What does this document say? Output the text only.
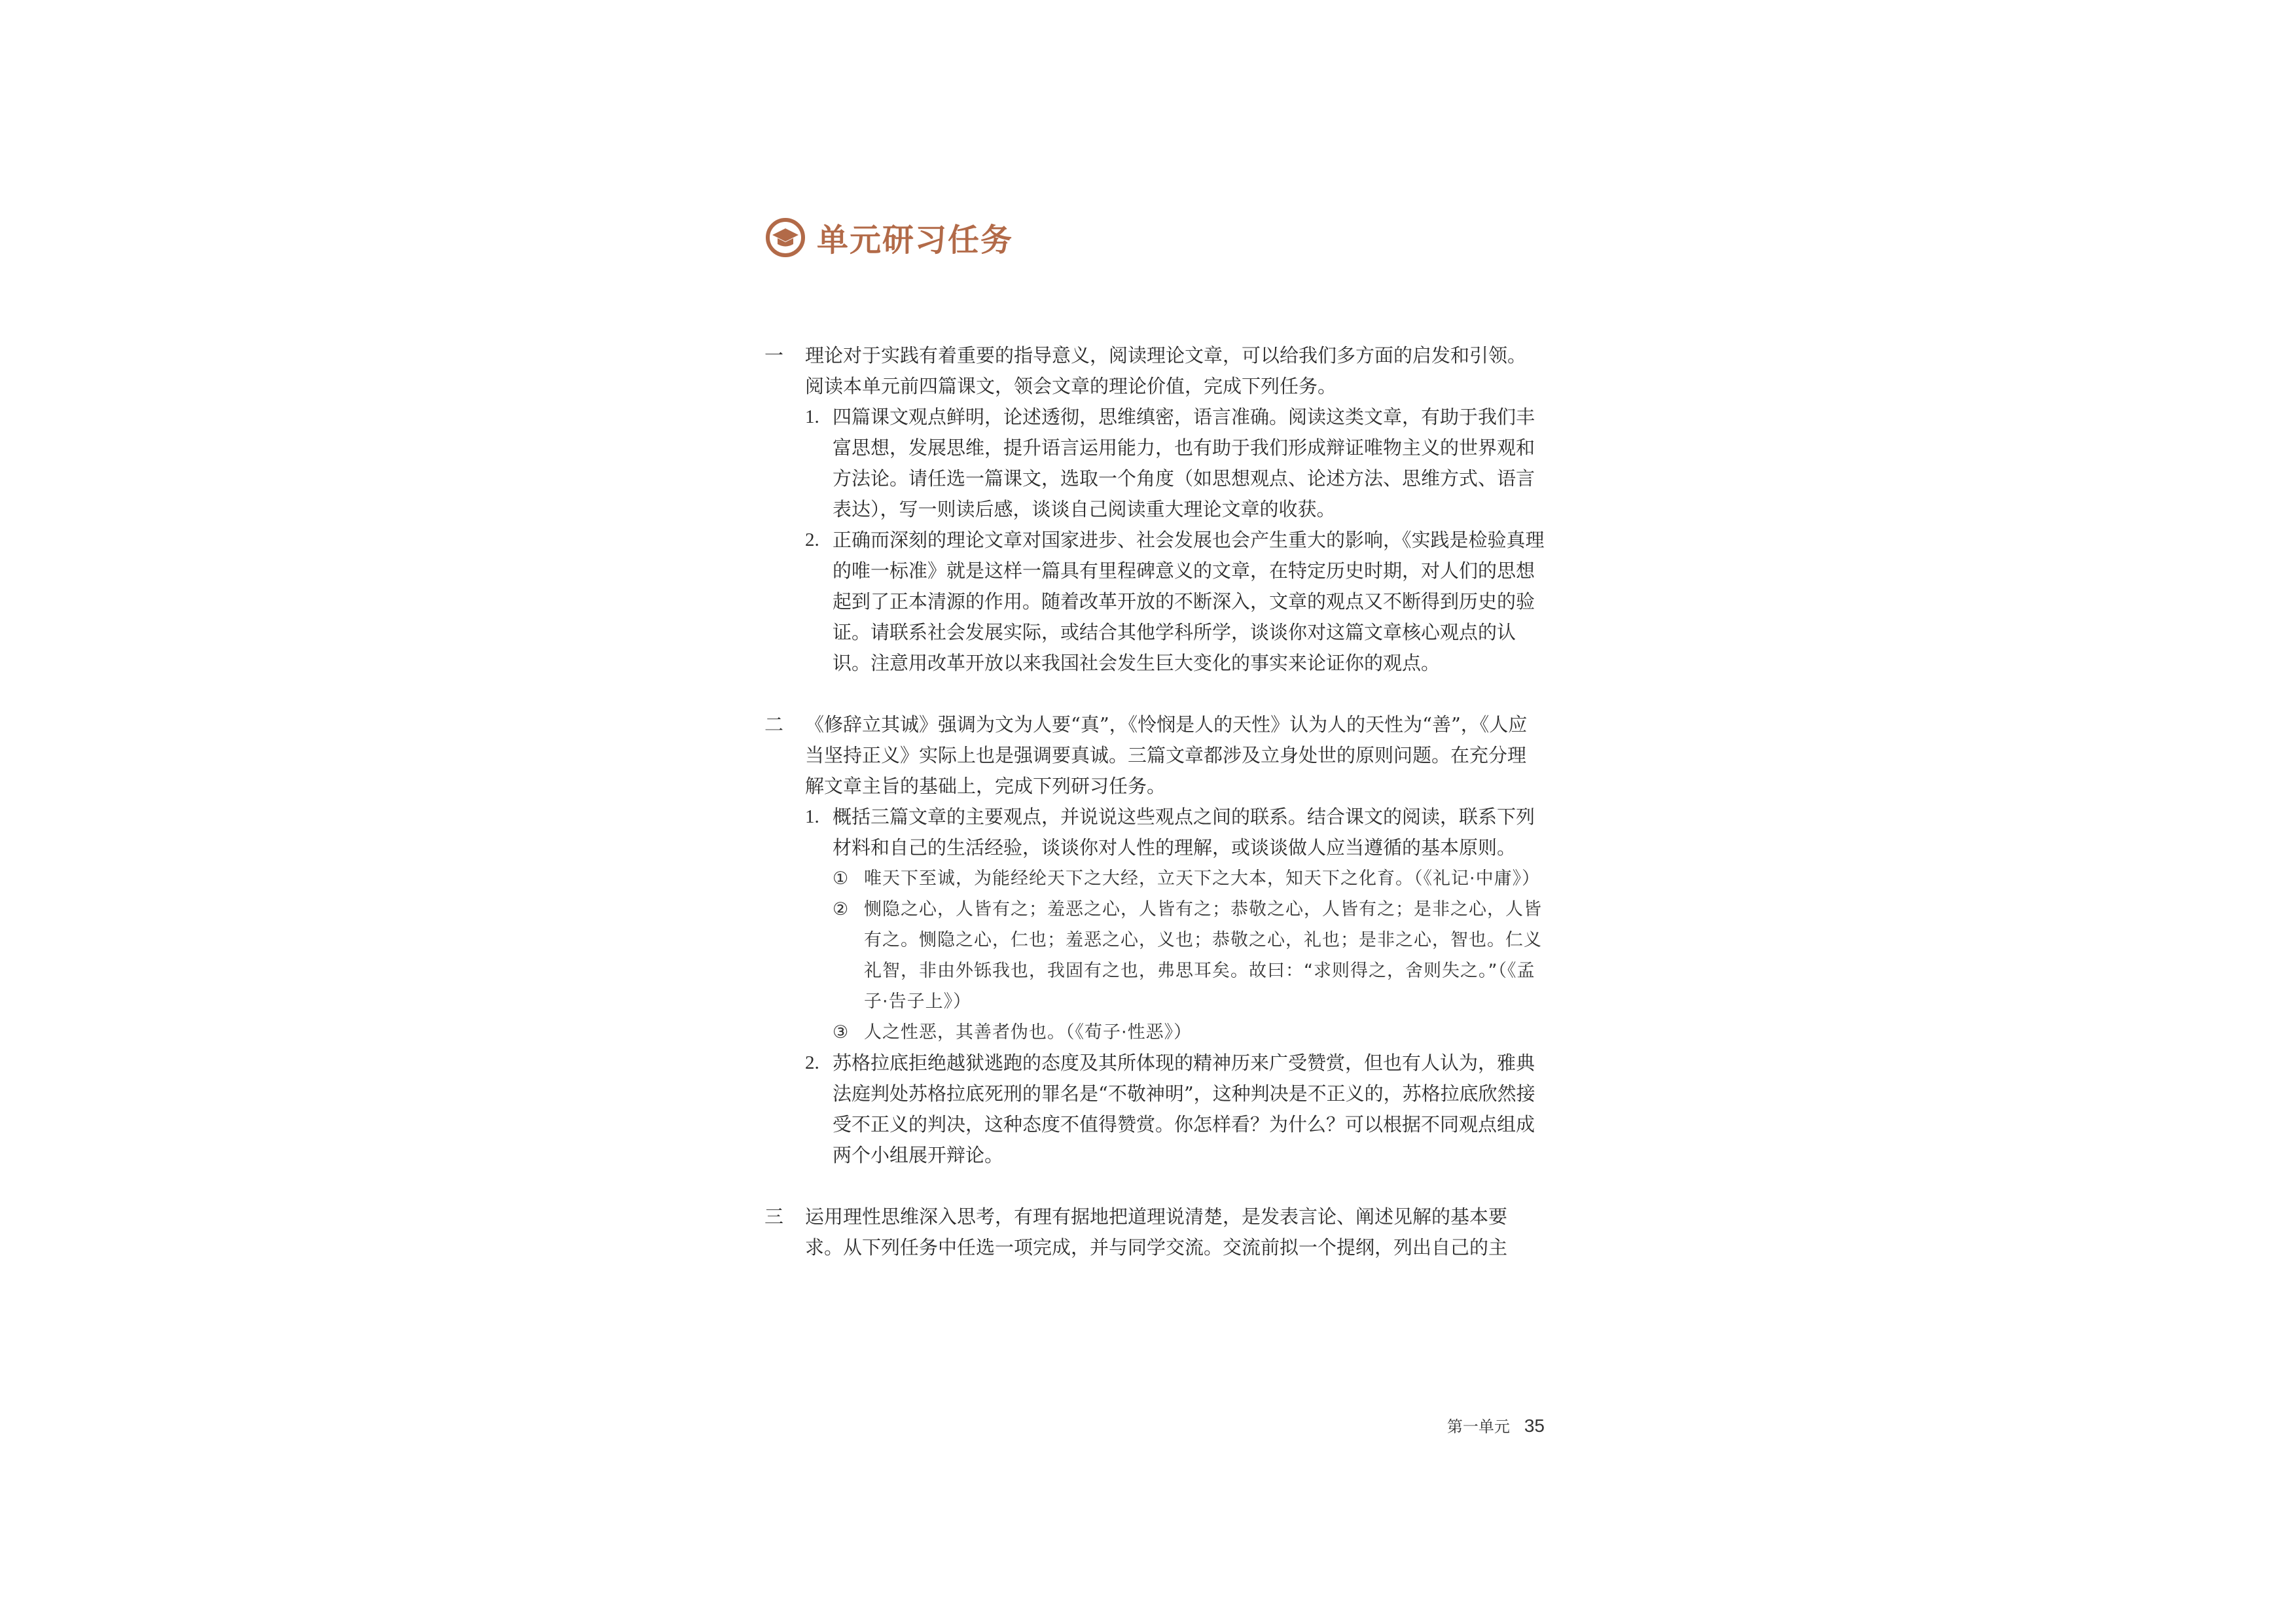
单元研习任务
一 理论对于实践有着重要的指导意义，阅读理论文章，可以给我们多方面的启发和引领。阅读本单元前四篇课文，领会文章的理论价值，完成下列任务。
1. 四篇课文观点鲜明，论述透彻，思维缜密，语言准确。阅读这类文章，有助于我们丰富思想，发展思维，提升语言运用能力，也有助于我们形成辩证唯物主义的世界观和方法论。请任选一篇课文，选取一个角度（如思想观点、论述方法、思维方式、语言表达），写一则读后感，谈谈自己阅读重大理论文章的收获。
2. 正确而深刻的理论文章对国家进步、社会发展也会产生重大的影响，《实践是检验真理的唯一标准》就是这样一篇具有里程碑意义的文章，在特定历史时期，对人们的思想起到了正本清源的作用。随着改革开放的不断深入，文章的观点又不断得到历史的验证。请联系社会发展实际，或结合其他学科所学，谈谈你对这篇文章核心观点的认识。注意用改革开放以来我国社会发生巨大变化的事实来论证你的观点。
二 《修辞立其诚》强调为文为人要“真”，《怜悯是人的天性》认为人的天性为“善”，《人应当坚持正义》实际上也是强调要真诚。三篇文章都涉及立身处世的原则问题。在充分理解文章主旨的基础上，完成下列研习任务。
1. 概括三篇文章的主要观点，并说说这些观点之间的联系。结合课文的阅读，联系下列材料和自己的生活经验，谈谈你对人性的理解，或谈谈做人应当遵循的基本原则。
① 唯天下至诚，为能经纶天下之大经，立天下之大本，知天下之化育。（《礼记·中庸》）
② 恻隐之心，人皆有之；羞恶之心，人皆有之；恭敬之心，人皆有之；是非之心，人皆有之。恻隐之心，仁也；羞恶之心，义也；恭敬之心，礼也；是非之心，智也。仁义礼智，非由外铄我也，我固有之也，弗思耳矣。故曰：“求则得之，舍则失之。”（《孟子·告子上》）
③ 人之性恶，其善者伪也。（《荀子·性恶》）
2. 苏格拉底拒绝越狱逃跑的态度及其所体现的精神历来广受赞赏，但也有人认为，雅典法庭判处苏格拉底死刑的罪名是“不敬神明”，这种判决是不正义的，苏格拉底欣然接受不正义的判决，这种态度不值得赞赏。你怎样看？为什么？可以根据不同观点组成两个小组展开辩论。
三 运用理性思维深入思考，有理有据地把道理说清楚，是发表言论、阐述见解的基本要求。从下列任务中任选一项完成，并与同学交流。交流前拟一个提纲，列出自己的主
第一单元 35
